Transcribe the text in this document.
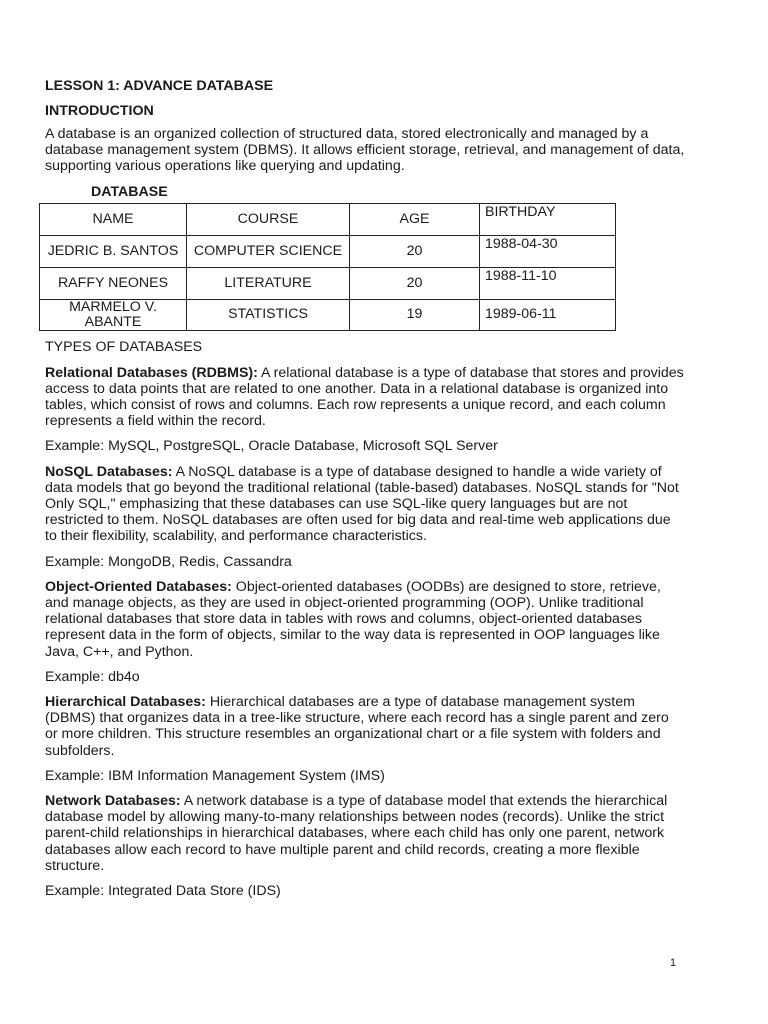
LESSON 1: ADVANCE DATABASE
INTRODUCTION

A database is an organized collection of structured data, stored electronically and managed by a database management system (DBMS). It allows efficient storage, retrieval, and management of data, supporting various operations like querying and updating.

DATABASE
NAME	COURSE	AGE	BIRTHDAY
JEDRIC B. SANTOS	COMPUTER SCIENCE	20	1988-04-30
RAFFY NEONES	LITERATURE	20	1988-11-10
MARMELO V. ABANTE	STATISTICS	19	1989-06-11
TYPES OF DATABASES

Relational Databases (RDBMS): A relational database is a type of database that stores and provides access to data points that are related to one another. Data in a relational database is organized into tables, which consist of rows and columns. Each row represents a unique record, and each column represents a field within the record.

Example: MySQL, PostgreSQL, Oracle Database, Microsoft SQL Server

NoSQL Databases: A NoSQL database is a type of database designed to handle a wide variety of data models that go beyond the traditional relational (table-based) databases. NoSQL stands for "Not Only SQL," emphasizing that these databases can use SQL-like query languages but are not restricted to them. NoSQL databases are often used for big data and real-time web applications due to their flexibility, scalability, and performance characteristics.

Example: MongoDB, Redis, Cassandra

Object-Oriented Databases: Object-oriented databases (OODBs) are designed to store, retrieve, and manage objects, as they are used in object-oriented programming (OOP). Unlike traditional relational databases that store data in tables with rows and columns, object-oriented databases represent data in the form of objects, similar to the way data is represented in OOP languages like Java, C++, and Python.

Example: db4o

Hierarchical Databases: Hierarchical databases are a type of database management system (DBMS) that organizes data in a tree-like structure, where each record has a single parent and zero or more children. This structure resembles an organizational chart or a file system with folders and subfolders.

Example: IBM Information Management System (IMS)

Network Databases: A network database is a type of database model that extends the hierarchical database model by allowing many-to-many relationships between nodes (records). Unlike the strict parent-child relationships in hierarchical databases, where each child has only one parent, network databases allow each record to have multiple parent and child records, creating a more flexible structure.

Example: Integrated Data Store (IDS)

1
